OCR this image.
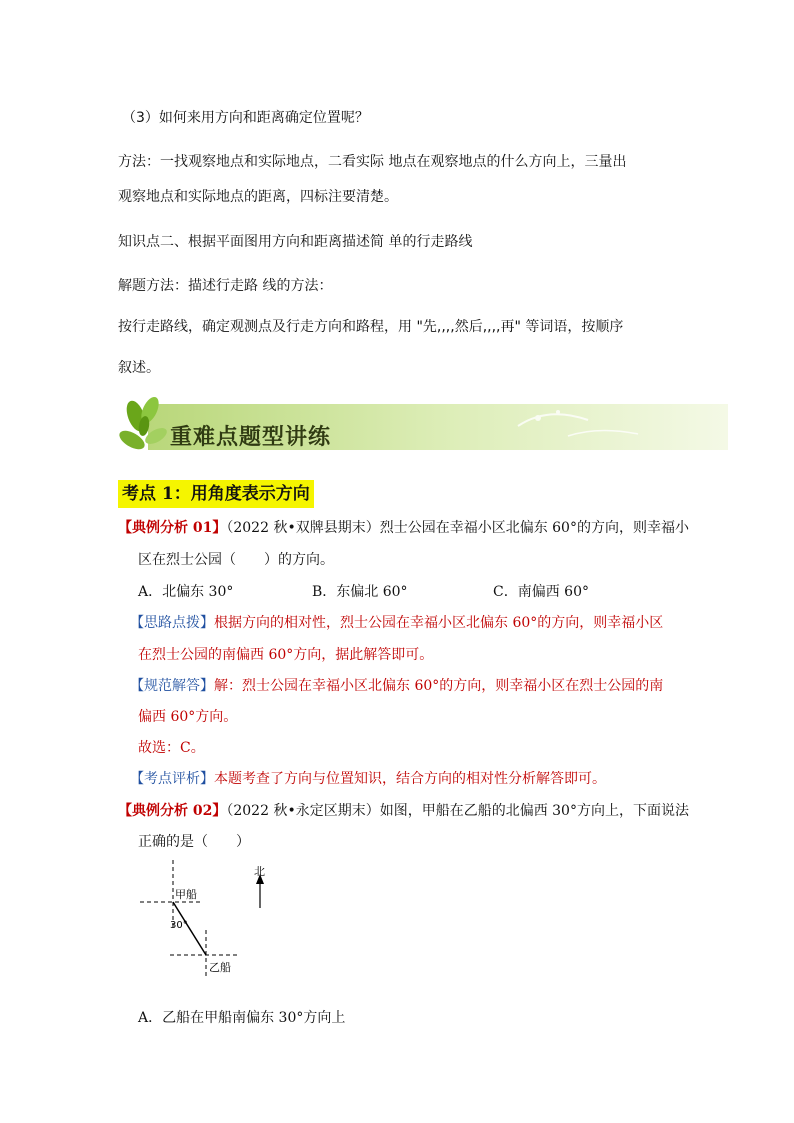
（3）如何来用方向和距离确定位置呢？
方法：一找观察地点和实际地点，二看实际 地点在观察地点的什么方向上，三量出
观察地点和实际地点的距离，四标注要清楚。
知识点二、根据平面图用方向和距离描述简 单的行走路线
解题方法：描述行走路 线的方法：
按行走路线，确定观测点及行走方向和路程，用 "先,,,,然后,,,,再" 等词语，按顺序
叙述。
重难点题型讲练
考点 1：用角度表示方向
【典例分析 01】（2022 秋•双牌县期末）烈士公园在幸福小区北偏东 60°的方向，则幸福小
区在烈士公园（　　）的方向。
A．北偏东 30°	B．东偏北 60°	C．南偏西 60°
【思路点拨】根据方向的相对性，烈士公园在幸福小区北偏东 60°的方向，则幸福小区
在烈士公园的南偏西 60°方向，据此解答即可。
【规范解答】解：烈士公园在幸福小区北偏东 60°的方向，则幸福小区在烈士公园的南
偏西 60°方向。
故选：C。
【考点评析】本题考查了方向与位置知识，结合方向的相对性分析解答即可。
【典例分析 02】（2022 秋•永定区期末）如图，甲船在乙船的北偏西 30°方向上，下面说法
正确的是（　　）
北
甲船
乙船
30°
A．乙船在甲船南偏东 30°方向上
